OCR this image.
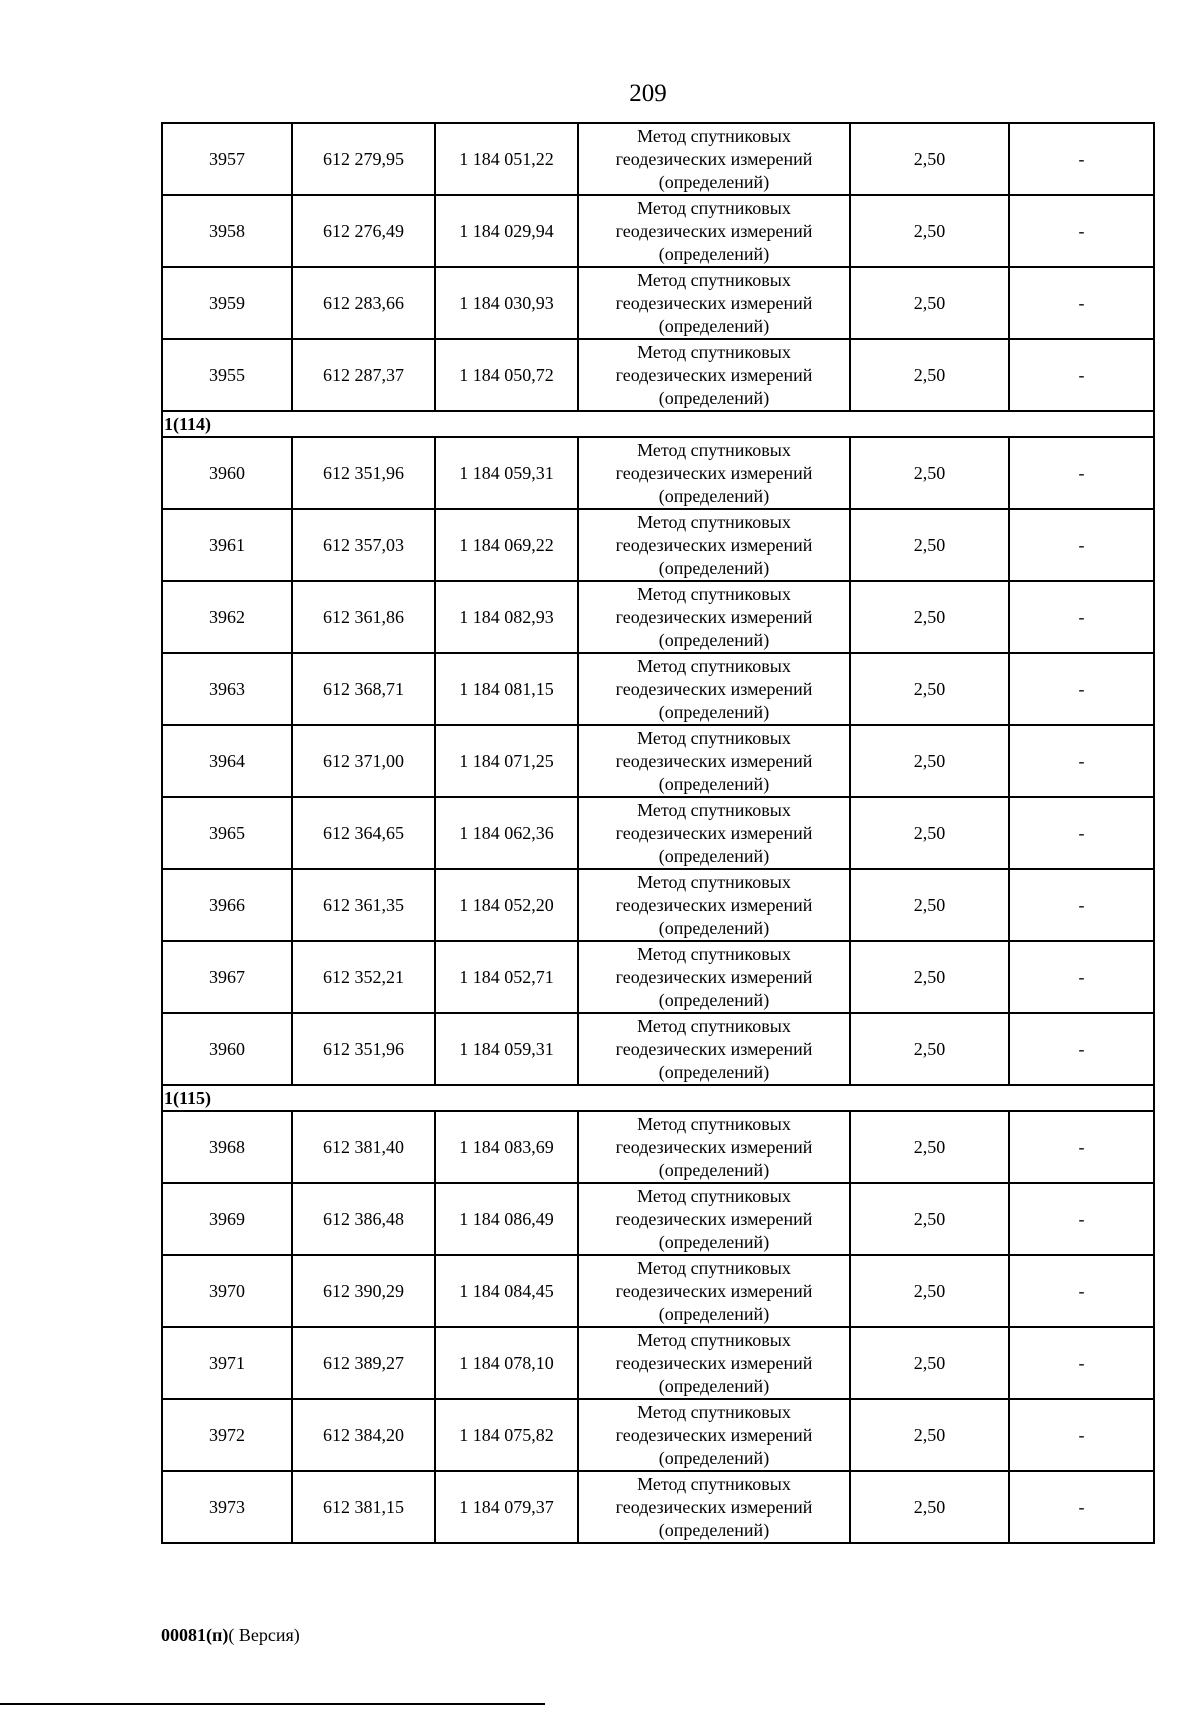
209
3957	612 279,95	1 184 051,22	Метод спутниковых
геодезических измерений
(определений)	2,50	-
3958	612 276,49	1 184 029,94	Метод спутниковых
геодезических измерений
(определений)	2,50	-
3959	612 283,66	1 184 030,93	Метод спутниковых
геодезических измерений
(определений)	2,50	-
3955	612 287,37	1 184 050,72	Метод спутниковых
геодезических измерений
(определений)	2,50	-
1(114)					
3960	612 351,96	1 184 059,31	Метод спутниковых
геодезических измерений
(определений)	2,50	-
3961	612 357,03	1 184 069,22	Метод спутниковых
геодезических измерений
(определений)	2,50	-
3962	612 361,86	1 184 082,93	Метод спутниковых
геодезических измерений
(определений)	2,50	-
3963	612 368,71	1 184 081,15	Метод спутниковых
геодезических измерений
(определений)	2,50	-
3964	612 371,00	1 184 071,25	Метод спутниковых
геодезических измерений
(определений)	2,50	-
3965	612 364,65	1 184 062,36	Метод спутниковых
геодезических измерений
(определений)	2,50	-
3966	612 361,35	1 184 052,20	Метод спутниковых
геодезических измерений
(определений)	2,50	-
3967	612 352,21	1 184 052,71	Метод спутниковых
геодезических измерений
(определений)	2,50	-
3960	612 351,96	1 184 059,31	Метод спутниковых
геодезических измерений
(определений)	2,50	-
1(115)					
3968	612 381,40	1 184 083,69	Метод спутниковых
геодезических измерений
(определений)	2,50	-
3969	612 386,48	1 184 086,49	Метод спутниковых
геодезических измерений
(определений)	2,50	-
3970	612 390,29	1 184 084,45	Метод спутниковых
геодезических измерений
(определений)	2,50	-
3971	612 389,27	1 184 078,10	Метод спутниковых
геодезических измерений
(определений)	2,50	-
3972	612 384,20	1 184 075,82	Метод спутниковых
геодезических измерений
(определений)	2,50	-
3973	612 381,15	1 184 079,37	Метод спутниковых
геодезических измерений
(определений)	2,50	-
00081(п)( Версия)
